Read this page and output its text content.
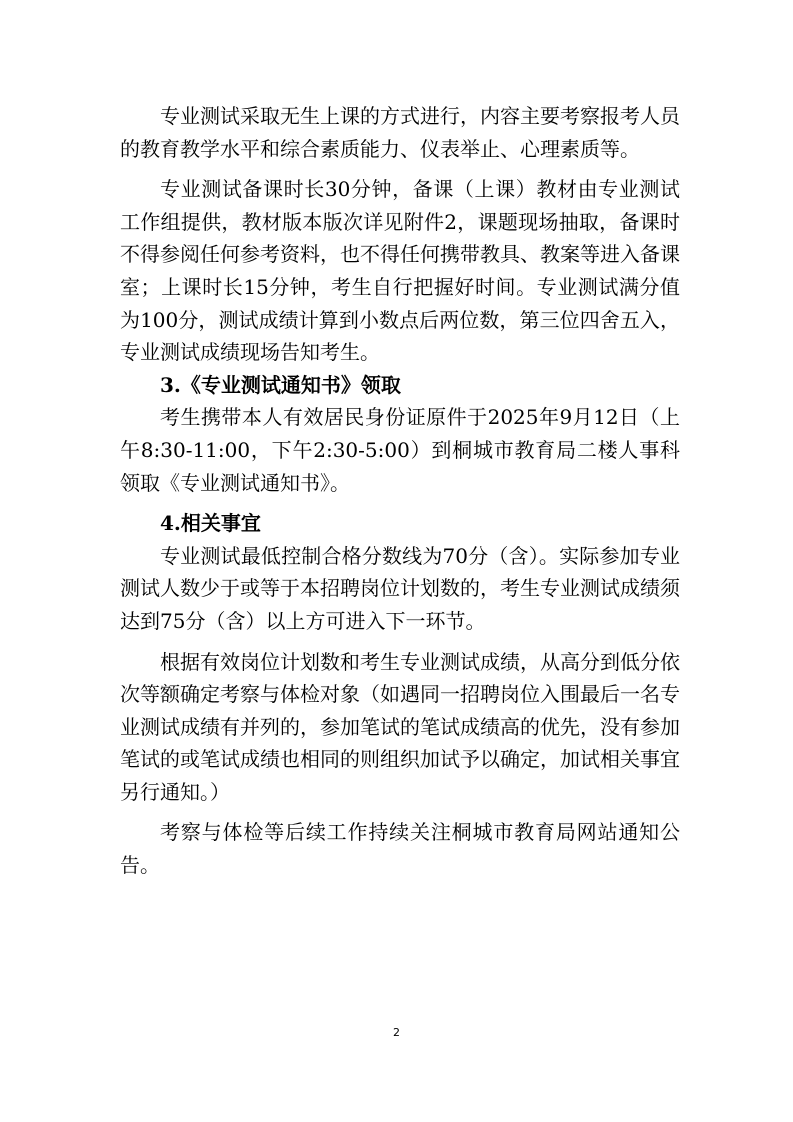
专业测试采取无生上课的方式进行，内容主要考察报考人员的教育教学水平和综合素质能力、仪表举止、心理素质等。

专业测试备课时长30分钟，备课（上课）教材由专业测试工作组提供，教材版本版次详见附件2，课题现场抽取，备课时不得参阅任何参考资料，也不得任何携带教具、教案等进入备课室；上课时长15分钟，考生自行把握好时间。专业测试满分值为100分，测试成绩计算到小数点后两位数，第三位四舍五入，专业测试成绩现场告知考生。

3.《专业测试通知书》领取

考生携带本人有效居民身份证原件于2025年9月12日（上午8:30-11:00，下午2:30-5:00）到桐城市教育局二楼人事科领取《专业测试通知书》。

4.相关事宜

专业测试最低控制合格分数线为70分（含）。实际参加专业测试人数少于或等于本招聘岗位计划数的，考生专业测试成绩须达到75分（含）以上方可进入下一环节。

根据有效岗位计划数和考生专业测试成绩，从高分到低分依次等额确定考察与体检对象（如遇同一招聘岗位入围最后一名专业测试成绩有并列的，参加笔试的笔试成绩高的优先，没有参加笔试的或笔试成绩也相同的则组织加试予以确定，加试相关事宜另行通知。）

考察与体检等后续工作持续关注桐城市教育局网站通知公告。

2
